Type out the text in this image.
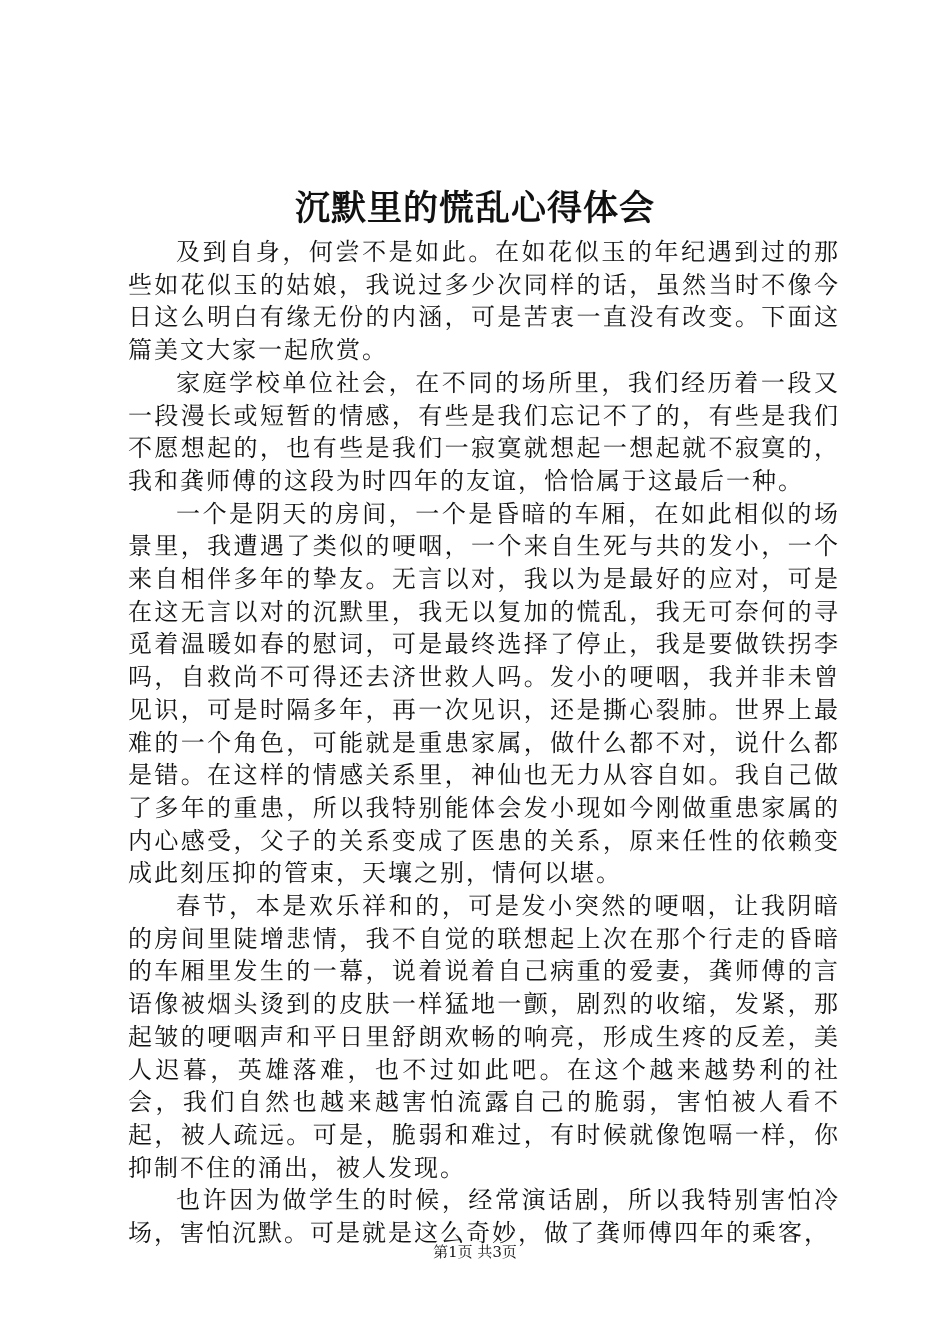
沉默里的慌乱心得体会

及到自身，何尝不是如此。在如花似玉的年纪遇到过的那些如花似玉的姑娘，我说过多少次同样的话，虽然当时不像今日这么明白有缘无份的内涵，可是苦衷一直没有改变。下面这篇美文大家一起欣赏。

家庭学校单位社会，在不同的场所里，我们经历着一段又一段漫长或短暂的情感，有些是我们忘记不了的，有些是我们不愿想起的，也有些是我们一寂寞就想起一想起就不寂寞的，我和龚师傅的这段为时四年的友谊，恰恰属于这最后一种。

一个是阴天的房间，一个是昏暗的车厢，在如此相似的场景里，我遭遇了类似的哽咽，一个来自生死与共的发小，一个来自相伴多年的挚友。无言以对，我以为是最好的应对，可是在这无言以对的沉默里，我无以复加的慌乱，我无可奈何的寻觅着温暖如春的慰词，可是最终选择了停止，我是要做铁拐李吗，自救尚不可得还去济世救人吗。发小的哽咽，我并非未曾见识，可是时隔多年，再一次见识，还是撕心裂肺。世界上最难的一个角色，可能就是重患家属，做什么都不对，说什么都是错。在这样的情感关系里，神仙也无力从容自如。我自己做了多年的重患，所以我特别能体会发小现如今刚做重患家属的内心感受，父子的关系变成了医患的关系，原来任性的依赖变成此刻压抑的管束，天壤之别，情何以堪。

春节，本是欢乐祥和的，可是发小突然的哽咽，让我阴暗的房间里陡增悲情，我不自觉的联想起上次在那个行走的昏暗的车厢里发生的一幕，说着说着自己病重的爱妻，龚师傅的言语像被烟头烫到的皮肤一样猛地一颤，剧烈的收缩，发紧，那起皱的哽咽声和平日里舒朗欢畅的响亮，形成生疼的反差，美人迟暮，英雄落难，也不过如此吧。在这个越来越势利的社会，我们自然也越来越害怕流露自己的脆弱，害怕被人看不起，被人疏远。可是，脆弱和难过，有时候就像饱嗝一样，你抑制不住的涌出，被人发现。

也许因为做学生的时候，经常演话剧，所以我特别害怕冷场，害怕沉默。可是就是这么奇妙，做了龚师傅四年的乘客，

第1页 共3页
